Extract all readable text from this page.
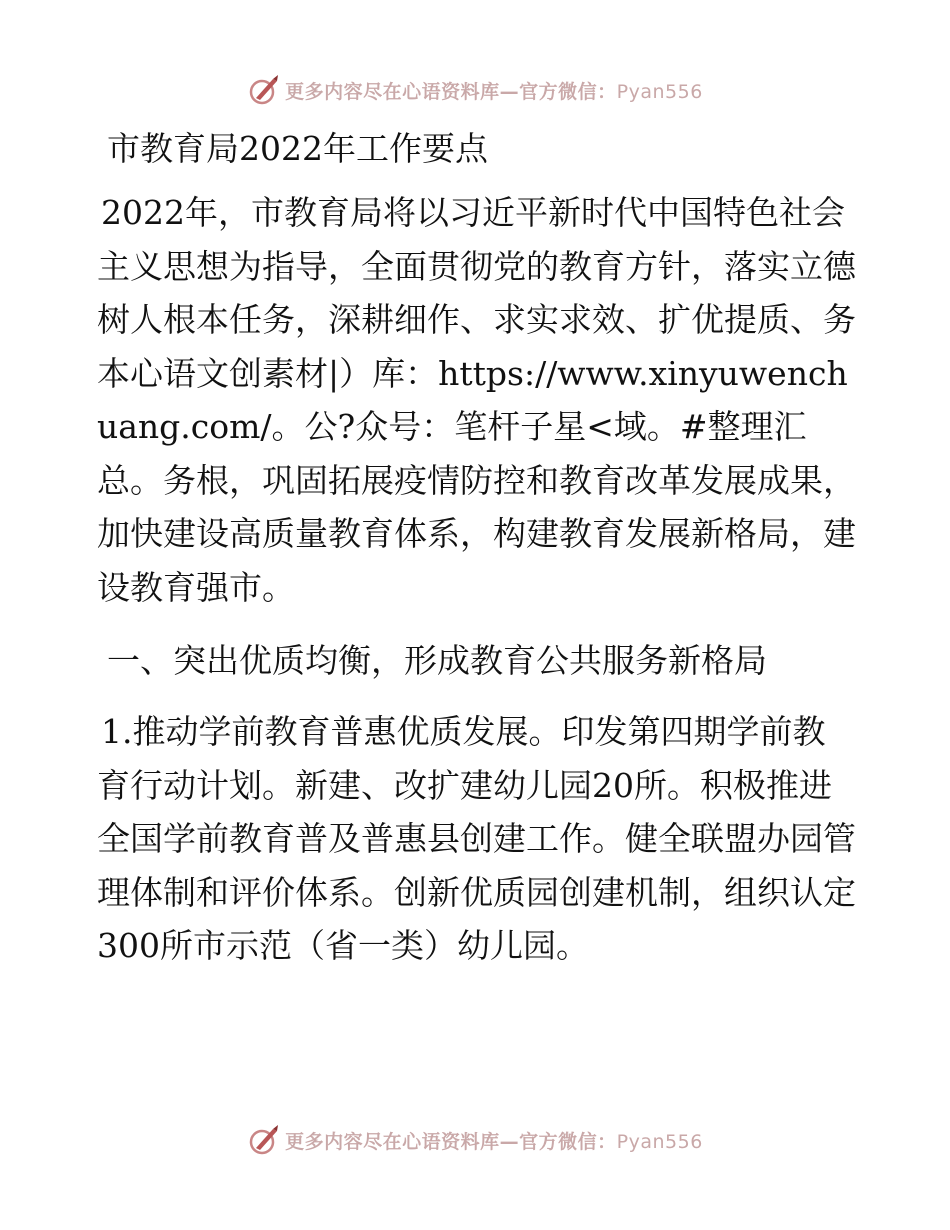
更多内容尽在心语资料库—官方微信：Pyan556
市教育局2022年工作要点

2022年，市教育局将以习近平新时代中国特色社会主义思想为指导，全面贯彻党的教育方针，落实立德树人根本任务，深耕细作、求实求效、扩优提质、务本心语文创素材|）库：https://www.xinyuwenchuang.com/。公?众号：笔杆子星<域。#整理汇总。务根，巩固拓展疫情防控和教育改革发展成果，加快建设高质量教育体系，构建教育发展新格局，建设教育强市。

一、突出优质均衡，形成教育公共服务新格局

1.推动学前教育普惠优质发展。印发第四期学前教育行动计划。新建、改扩建幼儿园20所。积极推进全国学前教育普及普惠县创建工作。健全联盟办园管理体制和评价体系。创新优质园创建机制，组织认定300所市示范（省一类）幼儿园。

更多内容尽在心语资料库—官方微信：Pyan556
